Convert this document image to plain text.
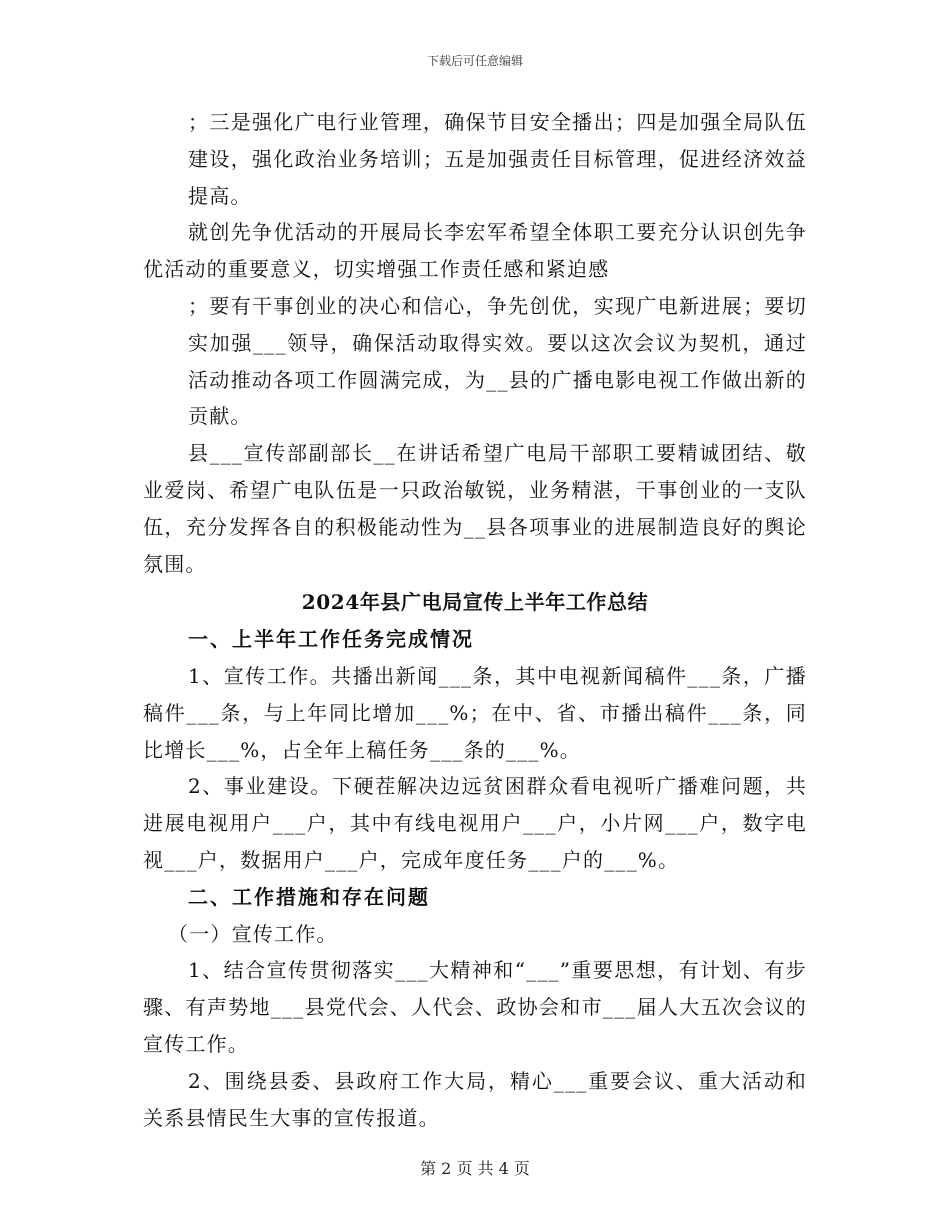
下载后可任意编辑

；三是强化广电行业管理，确保节目安全播出；四是加强全局队伍建设，强化政治业务培训；五是加强责任目标管理，促进经济效益提高。

就创先争优活动的开展局长李宏军希望全体职工要充分认识创先争优活动的重要意义，切实增强工作责任感和紧迫感

；要有干事创业的决心和信心，争先创优，实现广电新进展；要切实加强___领导，确保活动取得实效。要以这次会议为契机，通过活动推动各项工作圆满完成，为__县的广播电影电视工作做出新的贡献。

县___宣传部副部长__在讲话希望广电局干部职工要精诚团结、敬业爱岗、希望广电队伍是一只政治敏锐，业务精湛，干事创业的一支队伍，充分发挥各自的积极能动性为__县各项事业的进展制造良好的舆论氛围。

2024年县广电局宣传上半年工作总结

一、上半年工作任务完成情况

1、宣传工作。共播出新闻___条，其中电视新闻稿件___条，广播稿件___条，与上年同比增加___%；在中、省、市播出稿件___条，同比增长___%，占全年上稿任务___条的___%。

2、事业建设。下硬茬解决边远贫困群众看电视听广播难问题，共进展电视用户___户，其中有线电视用户___户，小片网___户，数字电视___户，数据用户___户，完成年度任务___户的___%。

二、工作措施和存在问题

（一）宣传工作。

1、结合宣传贯彻落实___大精神和“___”重要思想，有计划、有步骤、有声势地___县党代会、人代会、政协会和市___届人大五次会议的宣传工作。

2、围绕县委、县政府工作大局，精心___重要会议、重大活动和关系县情民生大事的宣传报道。

第 2 页 共 4 页
